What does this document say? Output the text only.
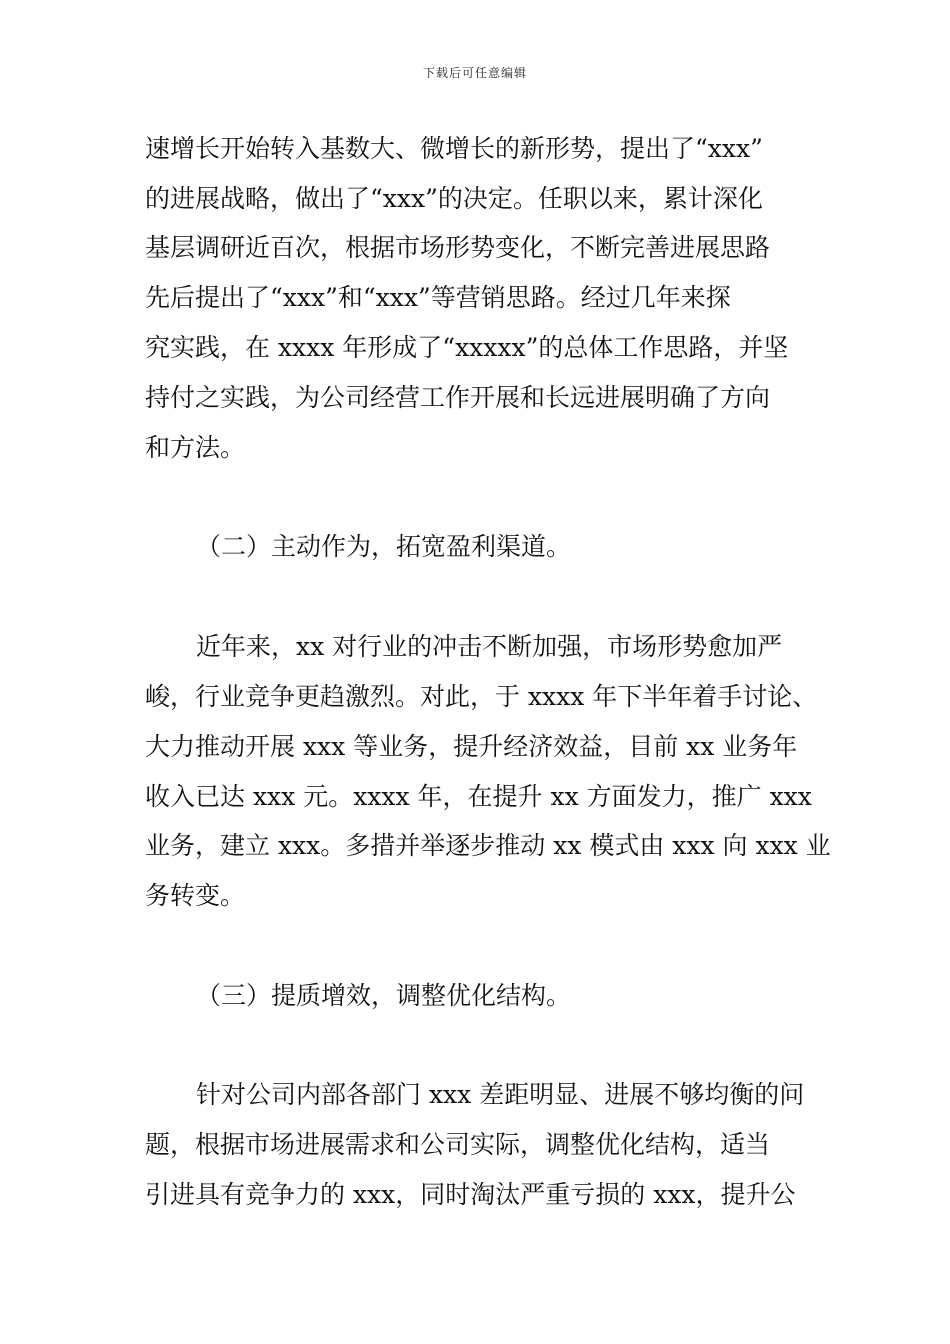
下载后可任意编辑
速增长开始转入基数大、微增长的新形势，提出了“xxx”
的进展战略，做出了“xxx”的决定。任职以来，累计深化
基层调研近百次，根据市场形势变化，不断完善进展思路
先后提出了“xxx”和“xxx”等营销思路。经过几年来探
究实践，在 xxxx 年形成了“xxxxx”的总体工作思路，并坚
持付之实践，为公司经营工作开展和长远进展明确了方向
和方法。
（二）主动作为，拓宽盈利渠道。
近年来，xx 对行业的冲击不断加强，市场形势愈加严
峻，行业竞争更趋激烈。对此，于 xxxx 年下半年着手讨论、
大力推动开展 xxx 等业务，提升经济效益，目前 xx 业务年
收入已达 xxx 元。xxxx 年，在提升 xx 方面发力，推广 xxx
业务，建立 xxx。多措并举逐步推动 xx 模式由 xxx 向 xxx 业
务转变。
（三）提质增效，调整优化结构。
针对公司内部各部门 xxx 差距明显、进展不够均衡的问
题，根据市场进展需求和公司实际，调整优化结构，适当
引进具有竞争力的 xxx，同时淘汰严重亏损的 xxx，提升公
